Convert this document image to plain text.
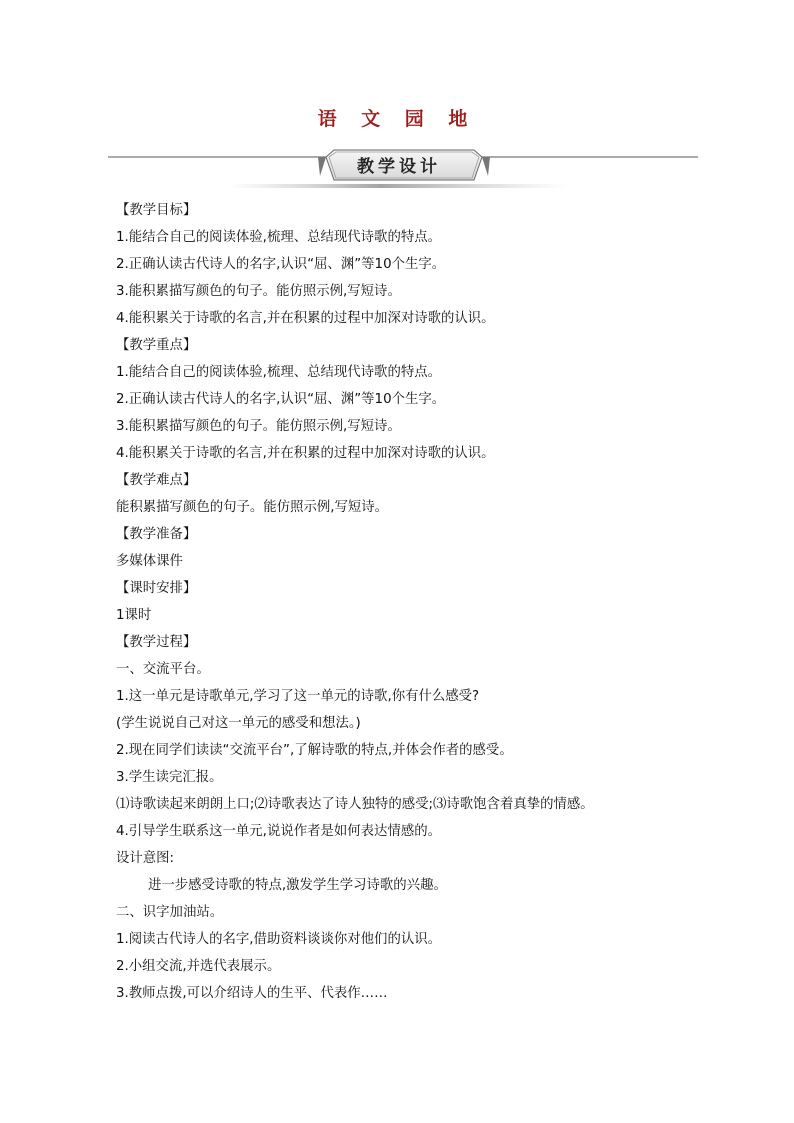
语 文 园 地
教学设计
【教学目标】
1.能结合自己的阅读体验,梳理、总结现代诗歌的特点。
2.正确认读古代诗人的名字,认识“屈、渊”等10个生字。
3.能积累描写颜色的句子。能仿照示例,写短诗。
4.能积累关于诗歌的名言,并在积累的过程中加深对诗歌的认识。
【教学重点】
1.能结合自己的阅读体验,梳理、总结现代诗歌的特点。
2.正确认读古代诗人的名字,认识“屈、渊”等10个生字。
3.能积累描写颜色的句子。能仿照示例,写短诗。
4.能积累关于诗歌的名言,并在积累的过程中加深对诗歌的认识。
【教学难点】
能积累描写颜色的句子。能仿照示例,写短诗。
【教学准备】
多媒体课件
【课时安排】
1课时
【教学过程】
一、交流平台。
1.这一单元是诗歌单元,学习了这一单元的诗歌,你有什么感受?
(学生说说自己对这一单元的感受和想法。)
2.现在同学们读读“交流平台”,了解诗歌的特点,并体会作者的感受。
3.学生读完汇报。
⑴诗歌读起来朗朗上口;⑵诗歌表达了诗人独特的感受;⑶诗歌饱含着真挚的情感。
4.引导学生联系这一单元,说说作者是如何表达情感的。
设计意图:
进一步感受诗歌的特点,激发学生学习诗歌的兴趣。
二、识字加油站。
1.阅读古代诗人的名字,借助资料谈谈你对他们的认识。
2.小组交流,并选代表展示。
3.教师点拨,可以介绍诗人的生平、代表作……
